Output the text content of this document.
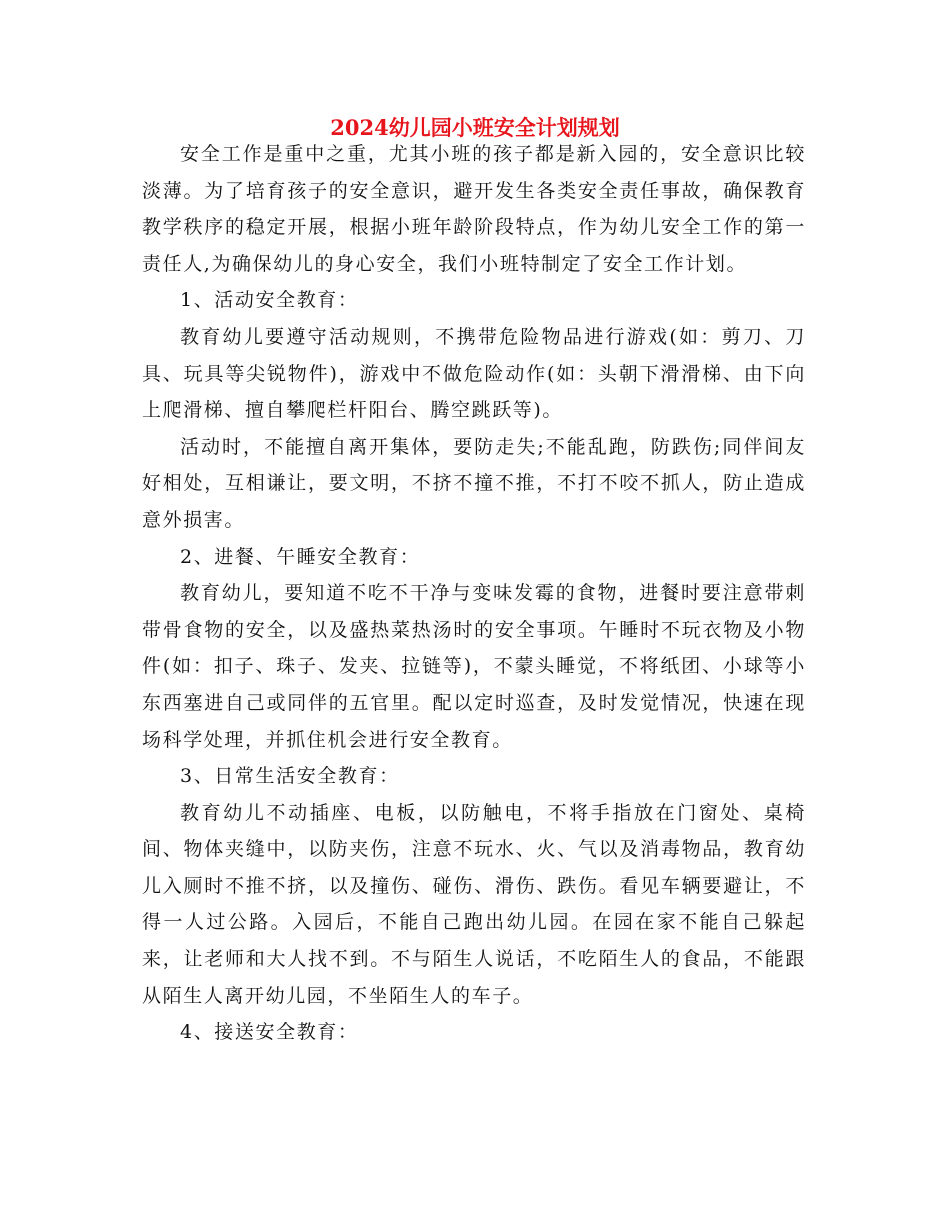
2024幼儿园小班安全计划规划

安全工作是重中之重，尤其小班的孩子都是新入园的，安全意识比较淡薄。为了培育孩子的安全意识，避开发生各类安全责任事故，确保教育教学秩序的稳定开展，根据小班年龄阶段特点，作为幼儿安全工作的第一责任人,为确保幼儿的身心安全，我们小班特制定了安全工作计划。

1、活动安全教育：

教育幼儿要遵守活动规则，不携带危险物品进行游戏(如：剪刀、刀具、玩具等尖锐物件)，游戏中不做危险动作(如：头朝下滑滑梯、由下向上爬滑梯、擅自攀爬栏杆阳台、腾空跳跃等)。

活动时，不能擅自离开集体，要防走失;不能乱跑，防跌伤;同伴间友好相处，互相谦让，要文明，不挤不撞不推，不打不咬不抓人，防止造成意外损害。

2、进餐、午睡安全教育：

教育幼儿，要知道不吃不干净与变味发霉的食物，进餐时要注意带刺带骨食物的安全，以及盛热菜热汤时的安全事项。午睡时不玩衣物及小物件(如：扣子、珠子、发夹、拉链等)，不蒙头睡觉，不将纸团、小球等小东西塞进自己或同伴的五官里。配以定时巡查，及时发觉情况，快速在现场科学处理，并抓住机会进行安全教育。

3、日常生活安全教育：

教育幼儿不动插座、电板，以防触电，不将手指放在门窗处、桌椅间、物体夹缝中，以防夹伤，注意不玩水、火、气以及消毒物品，教育幼儿入厕时不推不挤，以及撞伤、碰伤、滑伤、跌伤。看见车辆要避让，不得一人过公路。入园后，不能自己跑出幼儿园。在园在家不能自己躲起来，让老师和大人找不到。不与陌生人说话，不吃陌生人的食品，不能跟从陌生人离开幼儿园，不坐陌生人的车子。

4、接送安全教育：
